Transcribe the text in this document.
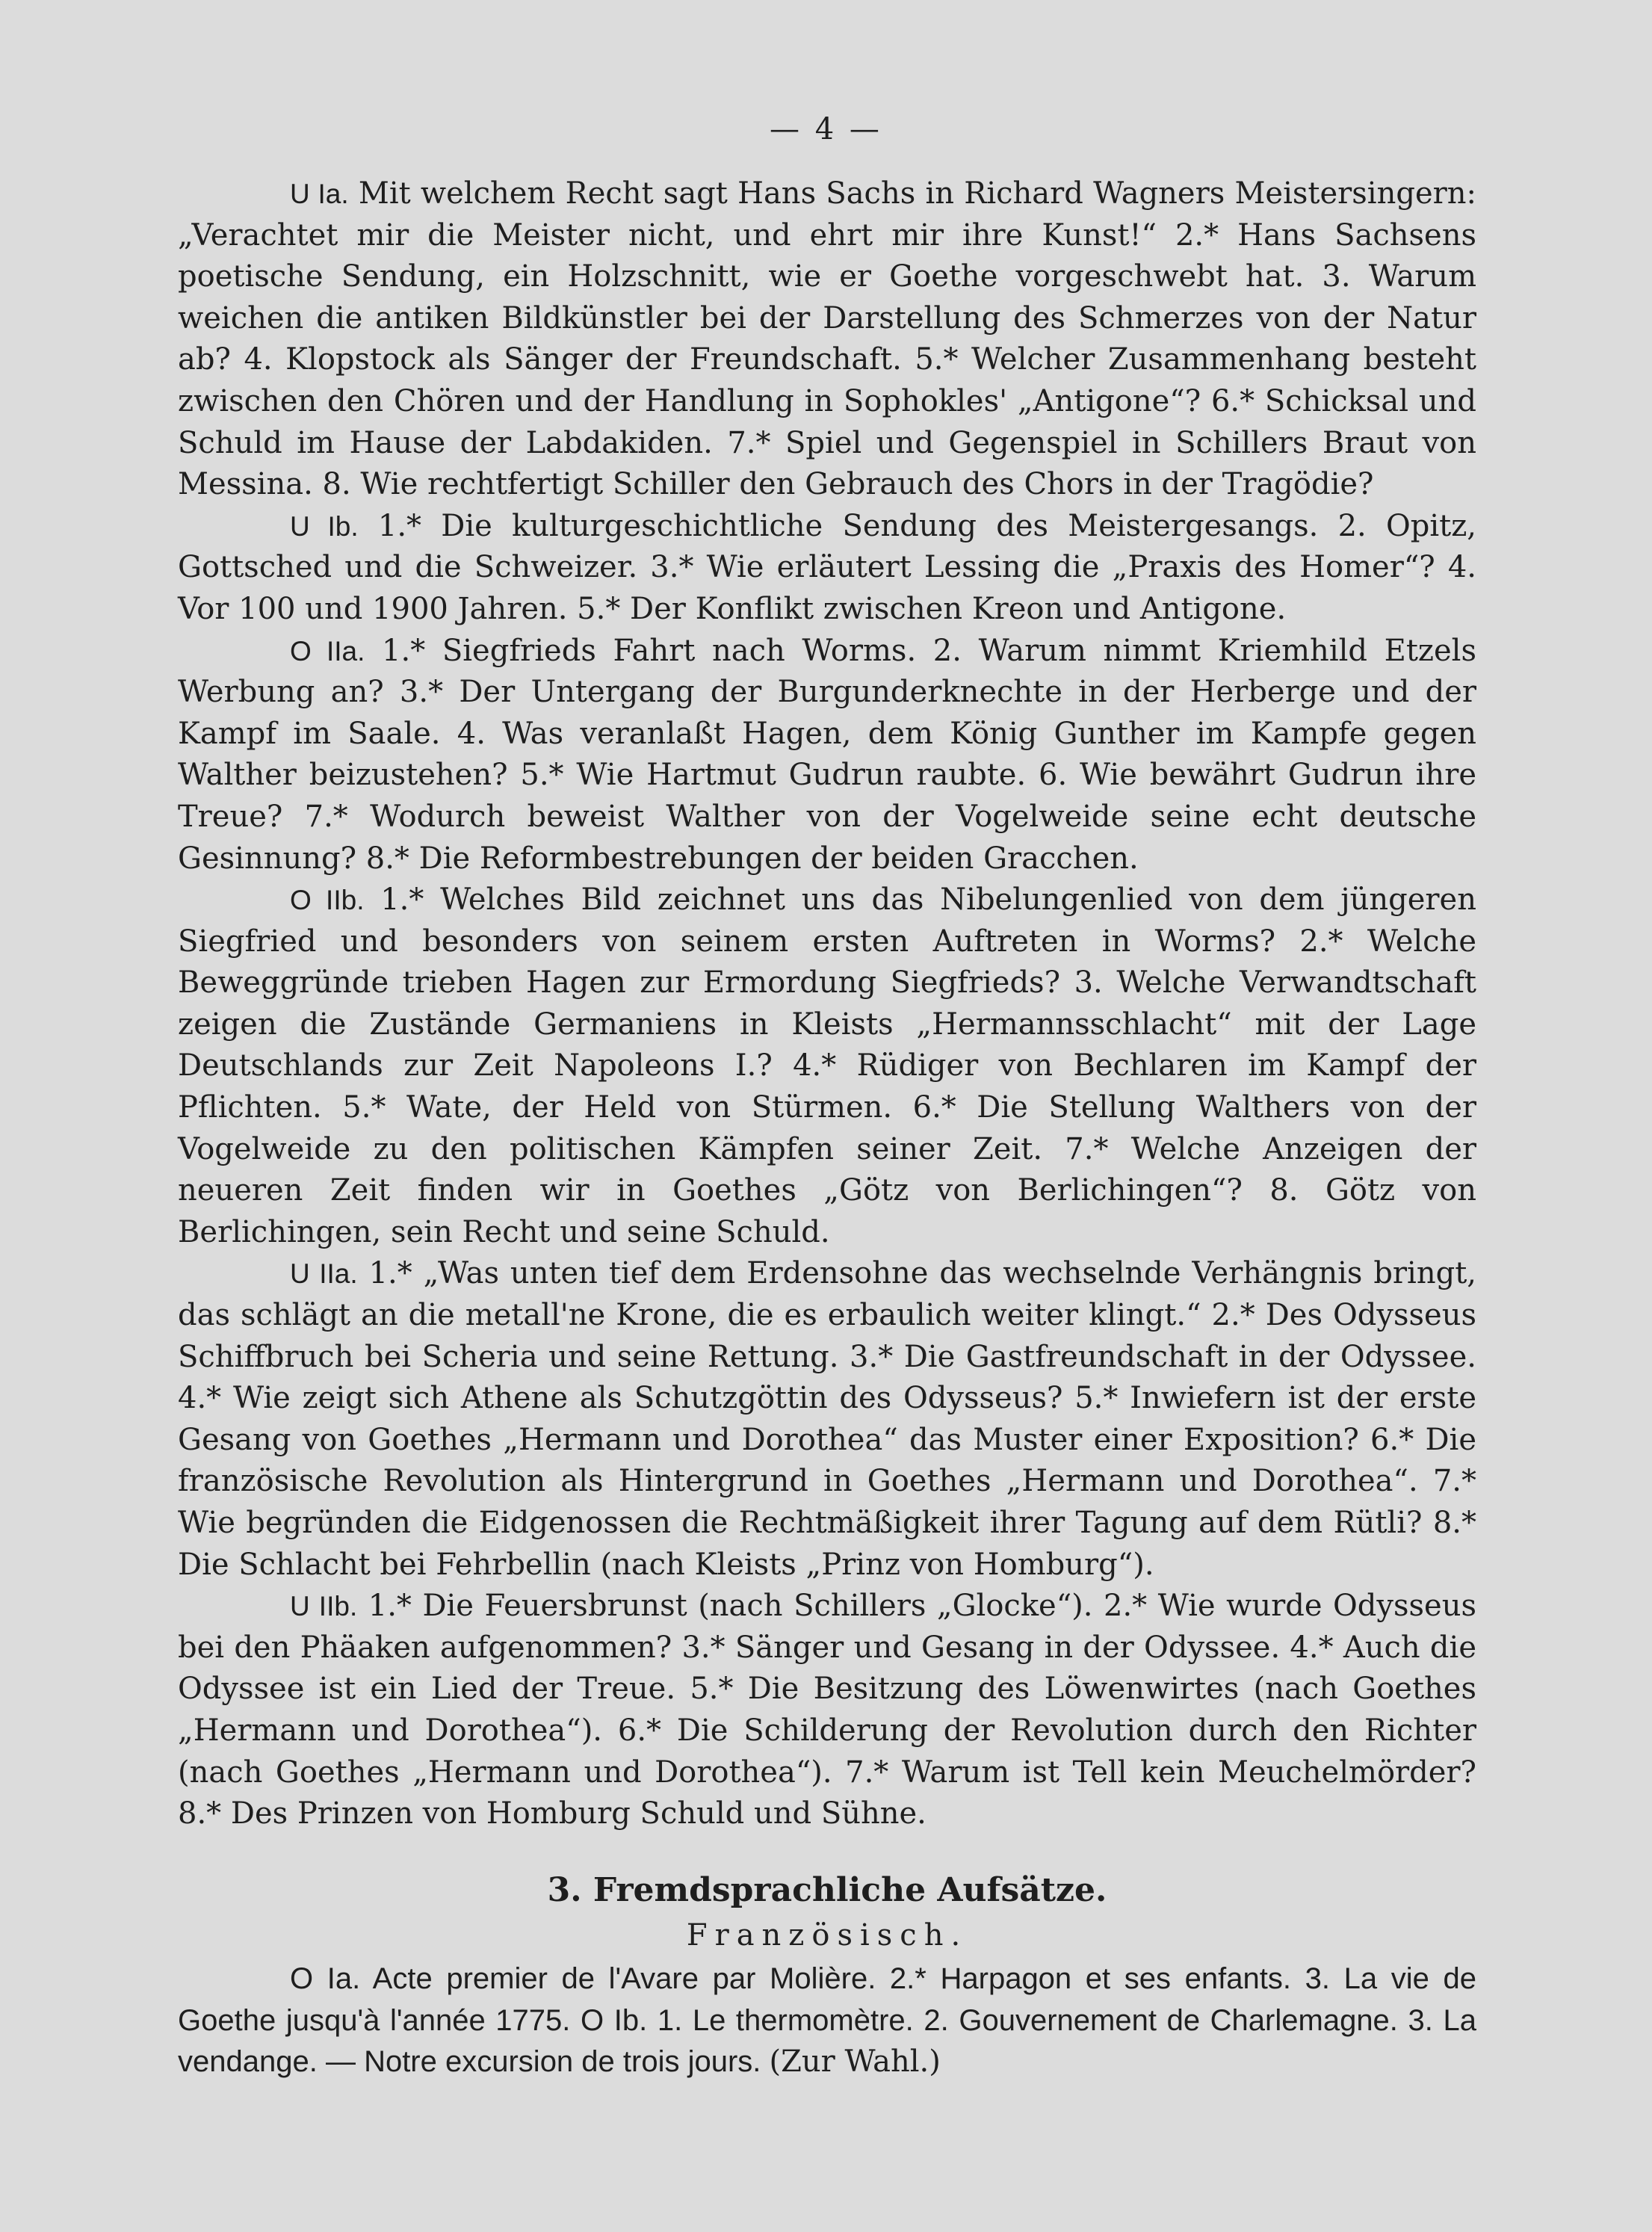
— 4 —

U Ia. Mit welchem Recht sagt Hans Sachs in Richard Wagners Meistersingern: „Verachtet mir die Meister nicht, und ehrt mir ihre Kunst!“ 2.* Hans Sachsens poetische Sendung, ein Holzschnitt, wie er Goethe vorgeschwebt hat. 3. Warum weichen die antiken Bildkünstler bei der Darstellung des Schmerzes von der Natur ab? 4. Klopstock als Sänger der Freundschaft. 5.* Welcher Zusammenhang besteht zwischen den Chören und der Handlung in Sophokles' „Antigone“? 6.* Schicksal und Schuld im Hause der Labdakiden. 7.* Spiel und Gegenspiel in Schillers Braut von Messina. 8. Wie rechtfertigt Schiller den Gebrauch des Chors in der Tragödie?

U Ib. 1.* Die kulturgeschichtliche Sendung des Meistergesangs. 2. Opitz, Gottsched und die Schweizer. 3.* Wie erläutert Lessing die „Praxis des Homer“? 4. Vor 100 und 1900 Jahren. 5.* Der Konflikt zwischen Kreon und Antigone.

O IIa. 1.* Siegfrieds Fahrt nach Worms. 2. Warum nimmt Kriemhild Etzels Werbung an? 3.* Der Untergang der Burgunderknechte in der Herberge und der Kampf im Saale. 4. Was veranlaßt Hagen, dem König Gunther im Kampfe gegen Walther beizustehen? 5.* Wie Hartmut Gudrun raubte. 6. Wie bewährt Gudrun ihre Treue? 7.* Wodurch beweist Walther von der Vogelweide seine echt deutsche Gesinnung? 8.* Die Reformbestrebungen der beiden Gracchen.

O IIb. 1.* Welches Bild zeichnet uns das Nibelungenlied von dem jüngeren Siegfried und besonders von seinem ersten Auftreten in Worms? 2.* Welche Beweggründe trieben Hagen zur Ermordung Siegfrieds? 3. Welche Verwandtschaft zeigen die Zustände Germaniens in Kleists „Hermannsschlacht“ mit der Lage Deutschlands zur Zeit Napoleons I.? 4.* Rüdiger von Bechlaren im Kampf der Pflichten. 5.* Wate, der Held von Stürmen. 6.* Die Stellung Walthers von der Vogelweide zu den politischen Kämpfen seiner Zeit. 7.* Welche Anzeigen der neueren Zeit finden wir in Goethes „Götz von Berlichingen“? 8. Götz von Berlichingen, sein Recht und seine Schuld.

U IIa. 1.* „Was unten tief dem Erdensohne das wechselnde Verhängnis bringt, das schlägt an die metall'ne Krone, die es erbaulich weiter klingt.“ 2.* Des Odysseus Schiffbruch bei Scheria und seine Rettung. 3.* Die Gastfreundschaft in der Odyssee. 4.* Wie zeigt sich Athene als Schutzgöttin des Odysseus? 5.* Inwiefern ist der erste Gesang von Goethes „Hermann und Dorothea“ das Muster einer Exposition? 6.* Die französische Revolution als Hintergrund in Goethes „Hermann und Dorothea“. 7.* Wie begründen die Eidgenossen die Rechtmäßigkeit ihrer Tagung auf dem Rütli? 8.* Die Schlacht bei Fehrbellin (nach Kleists „Prinz von Homburg“).

U IIb. 1.* Die Feuersbrunst (nach Schillers „Glocke“). 2.* Wie wurde Odysseus bei den Phäaken aufgenommen? 3.* Sänger und Gesang in der Odyssee. 4.* Auch die Odyssee ist ein Lied der Treue. 5.* Die Besitzung des Löwenwirtes (nach Goethes „Hermann und Dorothea“). 6.* Die Schilderung der Revolution durch den Richter (nach Goethes „Hermann und Dorothea“). 7.* Warum ist Tell kein Meuchelmörder? 8.* Des Prinzen von Homburg Schuld und Sühne.

3. Fremdsprachliche Aufsätze.
Französisch.

O Ia. Acte premier de l'Avare par Molière. 2.* Harpagon et ses enfants. 3. La vie de Goethe jusqu'à l'année 1775. O Ib. 1. Le thermomètre. 2. Gouvernement de Charlemagne. 3. La vendange. — Notre excursion de trois jours. (Zur Wahl.)
